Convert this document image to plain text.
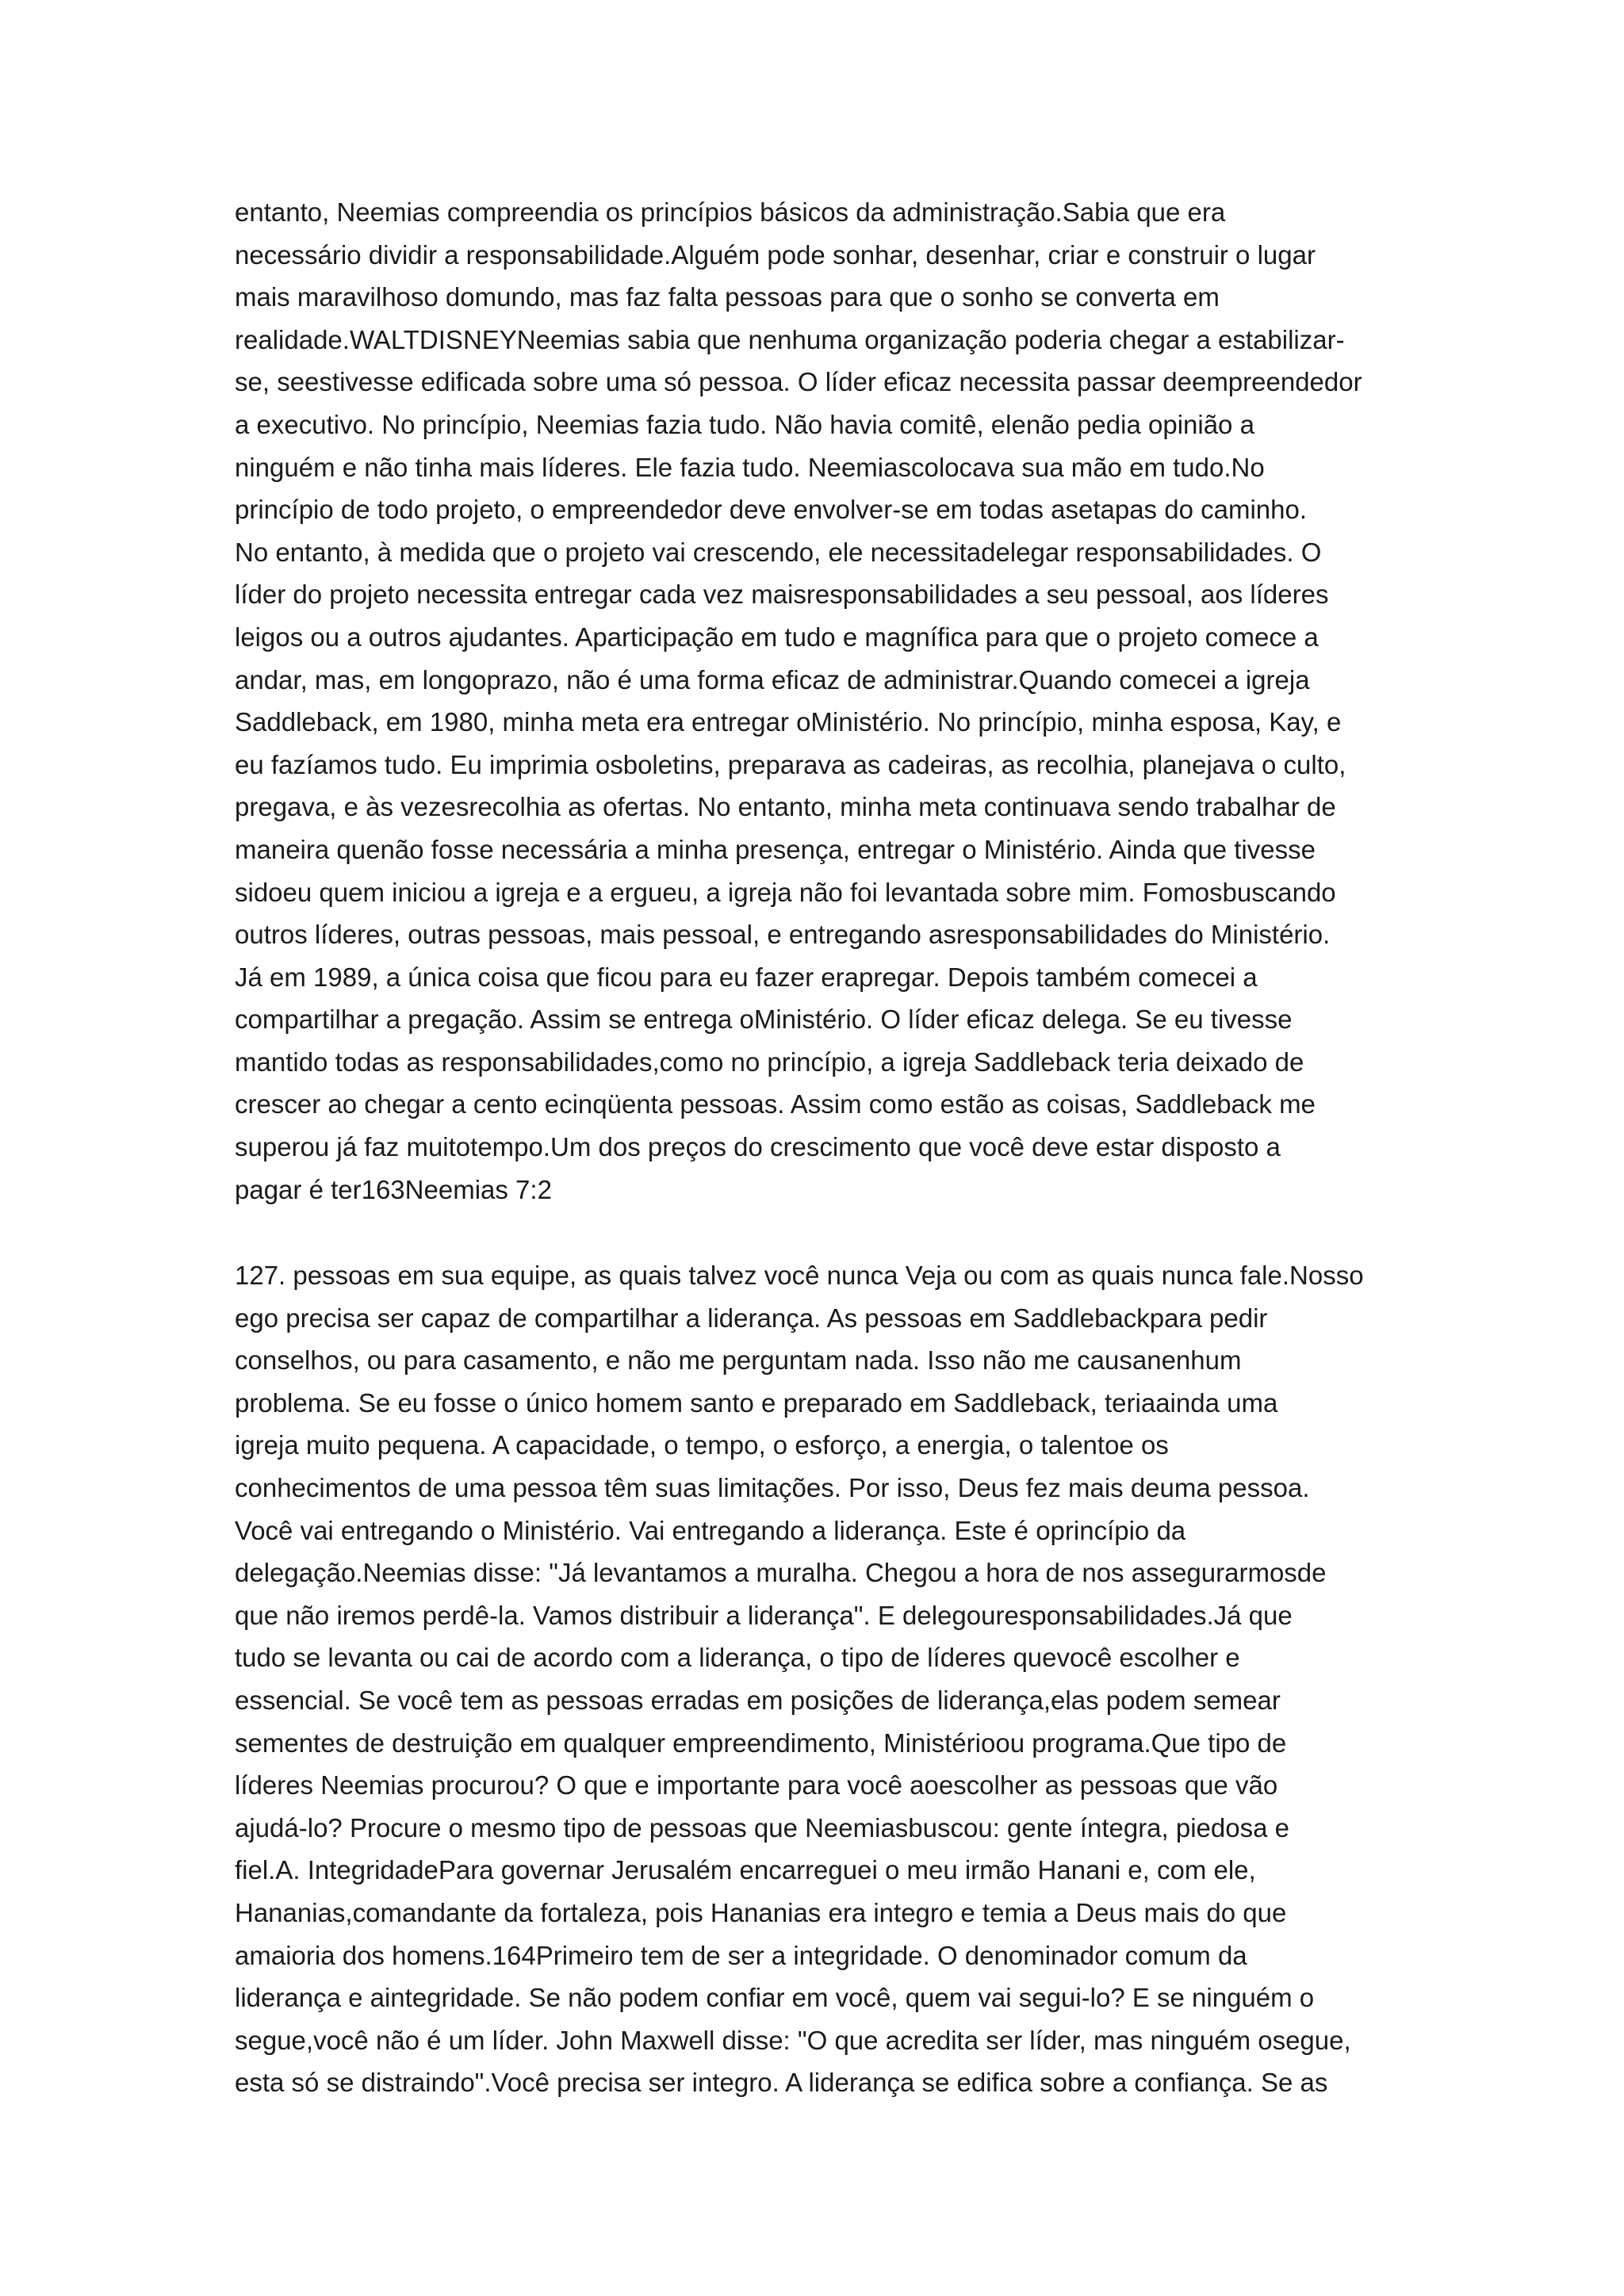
entanto, Neemias compreendia os princípios básicos da administração.Sabia que era
necessário dividir a responsabilidade.Alguém pode sonhar, desenhar, criar e construir o lugar
mais maravilhoso domundo, mas faz falta pessoas para que o sonho se converta em
realidade.WALTDISNEYNeemias sabia que nenhuma organização poderia chegar a estabilizar-
se, seestivesse edificada sobre uma só pessoa. O líder eficaz necessita passar deempreendedor
a executivo. No princípio, Neemias fazia tudo. Não havia comitê, elenão pedia opinião a
ninguém e não tinha mais líderes. Ele fazia tudo. Neemiascolocava sua mão em tudo.No
princípio de todo projeto, o empreendedor deve envolver-se em todas asetapas do caminho.
No entanto, à medida que o projeto vai crescendo, ele necessitadelegar responsabilidades. O
líder do projeto necessita entregar cada vez maisresponsabilidades a seu pessoal, aos líderes
leigos ou a outros ajudantes. Aparticipação em tudo e magnífica para que o projeto comece a
andar, mas, em longoprazo, não é uma forma eficaz de administrar.Quando comecei a igreja
Saddleback, em 1980, minha meta era entregar oMinistério. No princípio, minha esposa, Kay, e
eu fazíamos tudo. Eu imprimia osboletins, preparava as cadeiras, as recolhia, planejava o culto,
pregava, e às vezesrecolhia as ofertas. No entanto, minha meta continuava sendo trabalhar de
maneira quenão fosse necessária a minha presença, entregar o Ministério. Ainda que tivesse
sidoeu quem iniciou a igreja e a ergueu, a igreja não foi levantada sobre mim. Fomosbuscando
outros líderes, outras pessoas, mais pessoal, e entregando asresponsabilidades do Ministério.
Já em 1989, a única coisa que ficou para eu fazer erapregar. Depois também comecei a
compartilhar a pregação. Assim se entrega oMinistério. O líder eficaz delega. Se eu tivesse
mantido todas as responsabilidades,como no princípio, a igreja Saddleback teria deixado de
crescer ao chegar a cento ecinqüenta pessoas. Assim como estão as coisas, Saddleback me
superou já faz muitotempo.Um dos preços do crescimento que você deve estar disposto a
pagar é ter163Neemias 7:2
127. pessoas em sua equipe, as quais talvez você nunca Veja ou com as quais nunca fale.Nosso
ego precisa ser capaz de compartilhar a liderança. As pessoas em Saddlebackpara pedir
conselhos, ou para casamento, e não me perguntam nada. Isso não me causanenhum
problema. Se eu fosse o único homem santo e preparado em Saddleback, teriaainda uma
igreja muito pequena. A capacidade, o tempo, o esforço, a energia, o talentoe os
conhecimentos de uma pessoa têm suas limitações. Por isso, Deus fez mais deuma pessoa.
Você vai entregando o Ministério. Vai entregando a liderança. Este é oprincípio da
delegação.Neemias disse: "Já levantamos a muralha. Chegou a hora de nos assegurarmosde
que não iremos perdê-la. Vamos distribuir a liderança". E delegouresponsabilidades.Já que
tudo se levanta ou cai de acordo com a liderança, o tipo de líderes quevocê escolher e
essencial. Se você tem as pessoas erradas em posições de liderança,elas podem semear
sementes de destruição em qualquer empreendimento, Ministérioou programa.Que tipo de
líderes Neemias procurou? O que e importante para você aoescolher as pessoas que vão
ajudá-lo? Procure o mesmo tipo de pessoas que Neemiasbuscou: gente íntegra, piedosa e
fiel.A. IntegridadePara governar Jerusalém encarreguei o meu irmão Hanani e, com ele,
Hananias,comandante da fortaleza, pois Hananias era integro e temia a Deus mais do que
amaioria dos homens.164Primeiro tem de ser a integridade. O denominador comum da
liderança e aintegridade. Se não podem confiar em você, quem vai segui-lo? E se ninguém o
segue,você não é um líder. John Maxwell disse: "O que acredita ser líder, mas ninguém osegue,
esta só se distraindo".Você precisa ser integro. A liderança se edifica sobre a confiança. Se as
